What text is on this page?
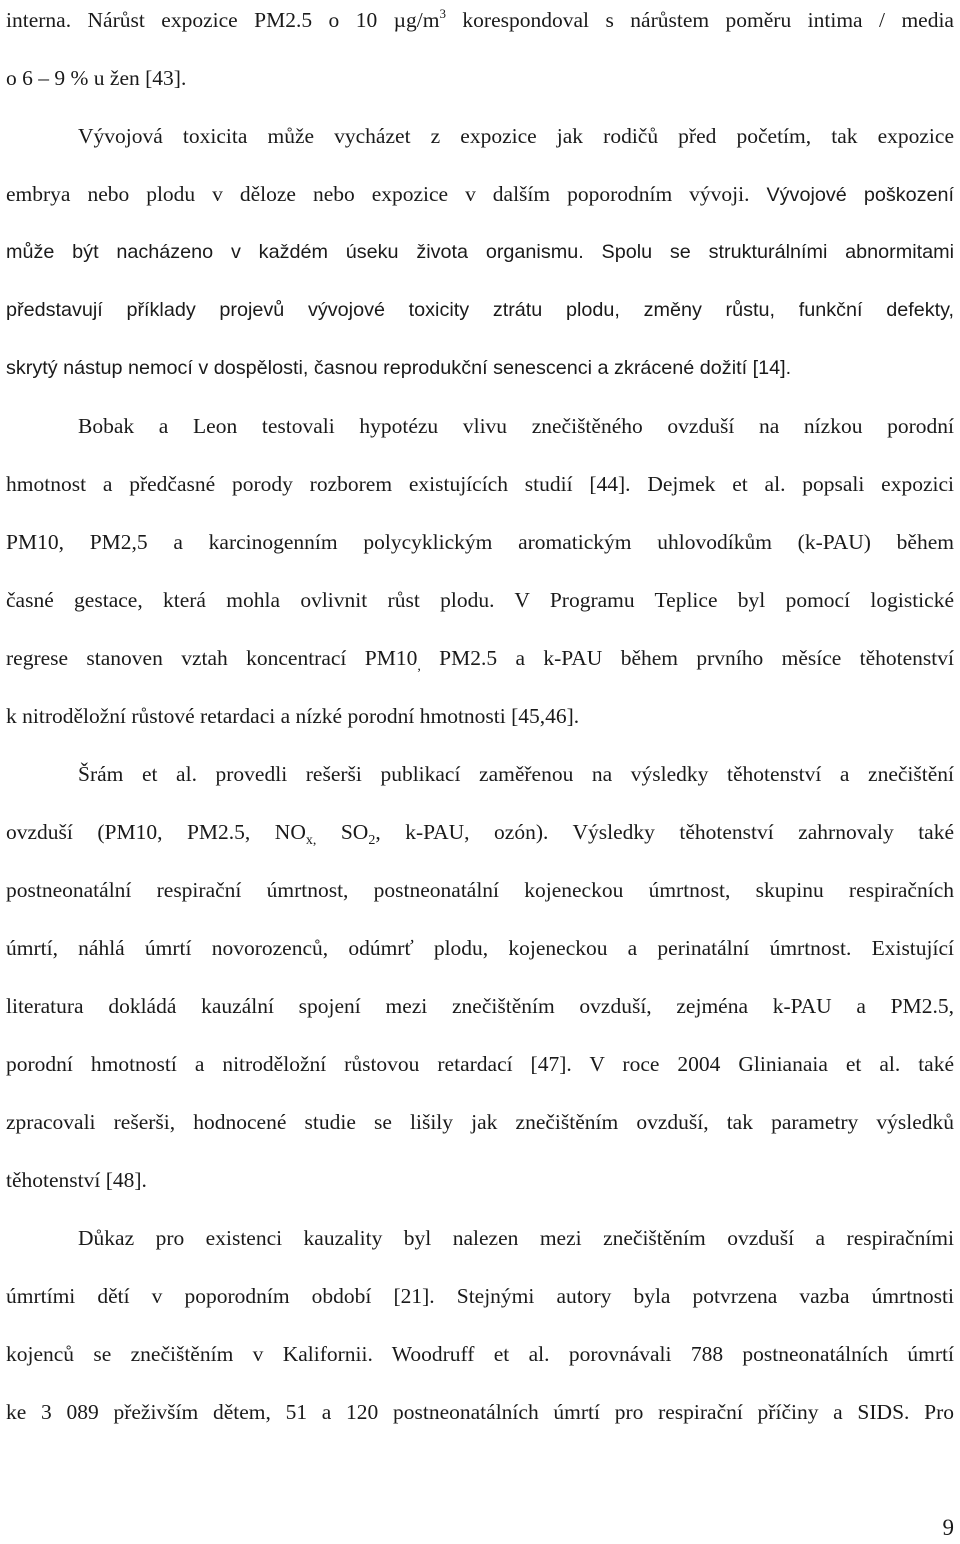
interna. Nárůst expozice PM2.5 o 10 $\mu g/m^3$ korespondoval s nárůstem poměru intima / media
o 6 – 9 % u žen [43].
Vývojová toxicita může vycházet z expozice jak rodičů před početím, tak expozice
embrya nebo plodu v děloze nebo expozice v dalším poporodním vývoji. Vývojové poškození
může být nacházeno v každém úseku života organismu. Spolu se strukturálními abnormitami
představují příklady projevů vývojové toxicity ztrátu plodu, změny růstu, funkční defekty,
skrytý nástup nemocí v dospělosti, časnou reprodukční senescenci a zkrácené dožití [14].
Bobak a Leon testovali hypotézu vlivu znečištěného ovzduší na nízkou porodní
hmotnost a předčasné porody rozborem existujících studií [44]. Dejmek et al. popsali expozici
PM10, PM2,5 a karcinogenním polycyklickým aromatickým uhlovodíkům (k-PAU) během
časné gestace, která mohla ovlivnit růst plodu. V Programu Teplice byl pomocí logistické
regrese stanoven vztah koncentrací $PM10_,$ PM2.5 a k-PAU během prvního měsíce těhotenství
k nitroděložní růstové retardaci a nízké porodní hmotnosti [45,46].
Šrám et al. provedli rešerši publikací zaměřenou na výsledky těhotenství a znečištění
ovzduší (PM10, PM2.5, $NO_{x,}$ $SO_2$, k-PAU, ozón). Výsledky těhotenství zahrnovaly také
postneonatální respirační úmrtnost, postneonatální kojeneckou úmrtnost, skupinu respiračních
úmrtí, náhlá úmrtí novorozenců, odúmrť plodu, kojeneckou a perinatální úmrtnost. Existující
literatura dokládá kauzální spojení mezi znečištěním ovzduší, zejména k-PAU a PM2.5,
porodní hmotností a nitroděložní růstovou retardací [47]. V roce 2004 Glinianaia et al. také
zpracovali rešerši, hodnocené studie se lišily jak znečištěním ovzduší, tak parametry výsledků
těhotenství [48].
Důkaz pro existenci kauzality byl nalezen mezi znečištěním ovzduší a respiračními
úmrtími dětí v poporodním období [21]. Stejnými autory byla potvrzena vazba úmrtnosti
kojenců se znečištěním v Kalifornii. Woodruff et al. porovnávali 788 postneonatálních úmrtí
ke 3 089 přeživším dětem, 51 a 120 postneonatálních úmrtí pro respirační příčiny a SIDS. Pro
9
